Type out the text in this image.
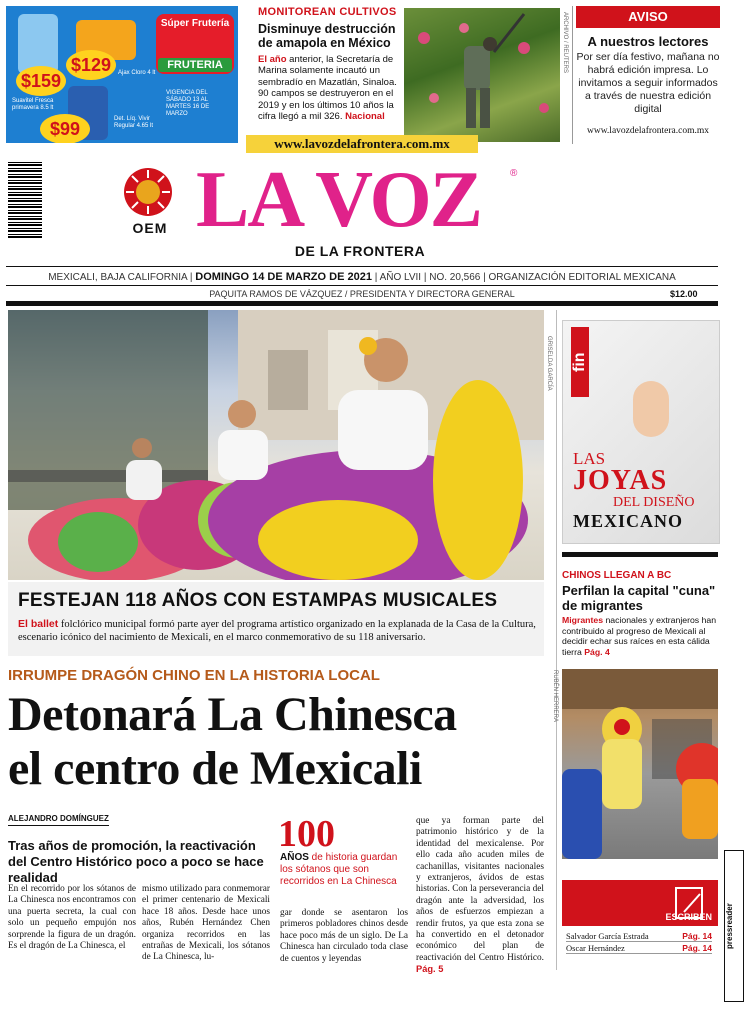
$159
$129
$99
Suavitel Fresca primavera 8.5 lt
Ajax Cloro 4 lt
Det. Líq. Vivir Regular 4.65 lt
VIGENCIA DEL SÁBADO 13 AL MARTES 16 DE MARZO
Súper Frutería
FRUTERIA
MONITOREAN CULTIVOS
Disminuye destrucción de amapola en México
El año anterior, la Secretaría de Marina solamente incautó un sembradío en Mazatlán, Sinaloa. 90 campos se destruyeron en el 2019 y en los últimos 10 años la cifra llegó a mil 326. Nacional
ARCHIVO / REUTERS	AVISO
A nuestros lectores
Por ser día festivo, mañana no habrá edición impresa. Lo invitamos a seguir informados a través de nuestra edición digital
www.lavozdelafrontera.com.mx
www.lavozdelafrontera.com.mx
OEM LA VOZ	®
DE LA FRONTERA
MEXICALI, BAJA CALIFORNIA | DOMINGO 14 DE MARZO DE 2021 | AÑO LVII | NO. 20,566 | ORGANIZACIÓN EDITORIAL MEXICANA
PAQUITA RAMOS DE VÁZQUEZ / PRESIDENTA Y DIRECTORA GENERAL	$12.00
GRISELDA GARCÍA
FESTEJAN 118 AÑOS CON ESTAMPAS MUSICALES
El ballet folclórico municipal formó parte ayer del programa artístico organizado en la explanada de la Casa de la Cultura, escenario icónico del nacimiento de Mexicali, en el marco conmemorativo de su 118 aniversario.
IRRUMPE DRAGÓN CHINO EN LA HISTORIA LOCAL
Detonará La Chinesca
el centro de Mexicali
ALEJANDRO DOMÍNGUEZ
Tras años de promoción, la reactivación del Centro Histórico poco a poco se hace realidad
100
AÑOS de historia guardan los sótanos que son recorridos en La Chinesca
En el recorrido por los sótanos de La Chinesca nos encontramos con una puerta secreta, la cual con solo un pequeño empujón nos sorprende la figura de un dragón. Es el dragón de La Chinesca, el
mismo utilizado para conmemorar el primer centenario de Mexicali hace 18 años. Desde hace unos años, Rubén Hernández Chen organiza recorridos en las entrañas de Mexicali, los sótanos de La Chinesca, lu-
gar donde se asentaron los primeros pobladores chinos desde hace poco más de un siglo. De La Chinesca han circulado toda clase de cuentos y leyendas
que ya forman parte del patrimonio histórico y de la identidad del mexicalense. Por ello cada año acuden miles de cachanillas, visitantes nacionales y extranjeros, ávidos de estas historias. Con la perseverancia del dragón ante la adversidad, los años de esfuerzos empiezan a rendir frutos, ya que esta zona se ha convertido en el detonador económico del plan de reactivación del Centro Histórico. Pág. 5
fin
LAS
JOYAS
DEL DISEÑO
MEXICANO
CHINOS LLEGAN A BC
Perfilan la capital "cuna" de migrantes
Migrantes nacionales y extranjeros han contribuido al progreso de Mexicali al decidir echar sus raíces en esta cálida tierra Pág. 4
RUBÉN HERRERA
ESCRIBEN
Salvador García Estrada	Pág. 14
Oscar Hernández	Pág. 14 pressreader
